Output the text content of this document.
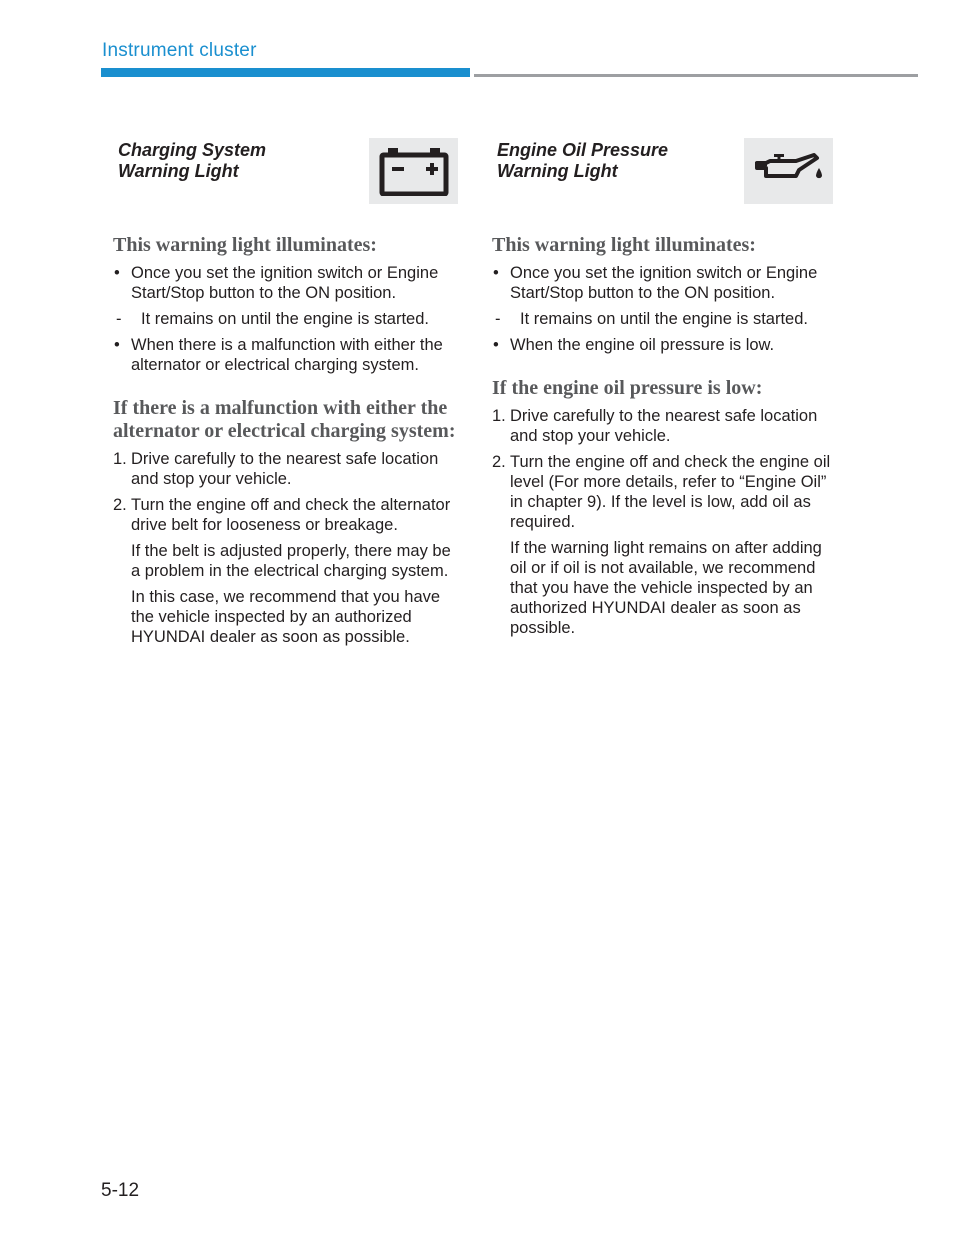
Instrument cluster
Charging System
Warning Light
This warning light illuminates:
• Once you set the ignition switch or Engine Start/Stop button to the ON position.
- It remains on until the engine is started.
• When there is a malfunction with either the alternator or electrical charging system.
If there is a malfunction with either the alternator or electrical charging system:
1. Drive carefully to the nearest safe location and stop your vehicle.
2. Turn the engine off and check the alternator drive belt for looseness or breakage.
If the belt is adjusted properly, there may be a problem in the electrical charging system.
In this case, we recommend that you have the vehicle inspected by an authorized HYUNDAI dealer as soon as possible.
Engine Oil Pressure
Warning Light
This warning light illuminates:
• Once you set the ignition switch or Engine Start/Stop button to the ON position.
- It remains on until the engine is started.
• When the engine oil pressure is low.
If the engine oil pressure is low:
1. Drive carefully to the nearest safe location and stop your vehicle.
2. Turn the engine off and check the engine oil level (For more details, refer to “Engine Oil” in chapter 9). If the level is low, add oil as required.
If the warning light remains on after adding oil or if oil is not available, we recommend that you have the vehicle inspected by an authorized HYUNDAI dealer as soon as possible.
5-12
